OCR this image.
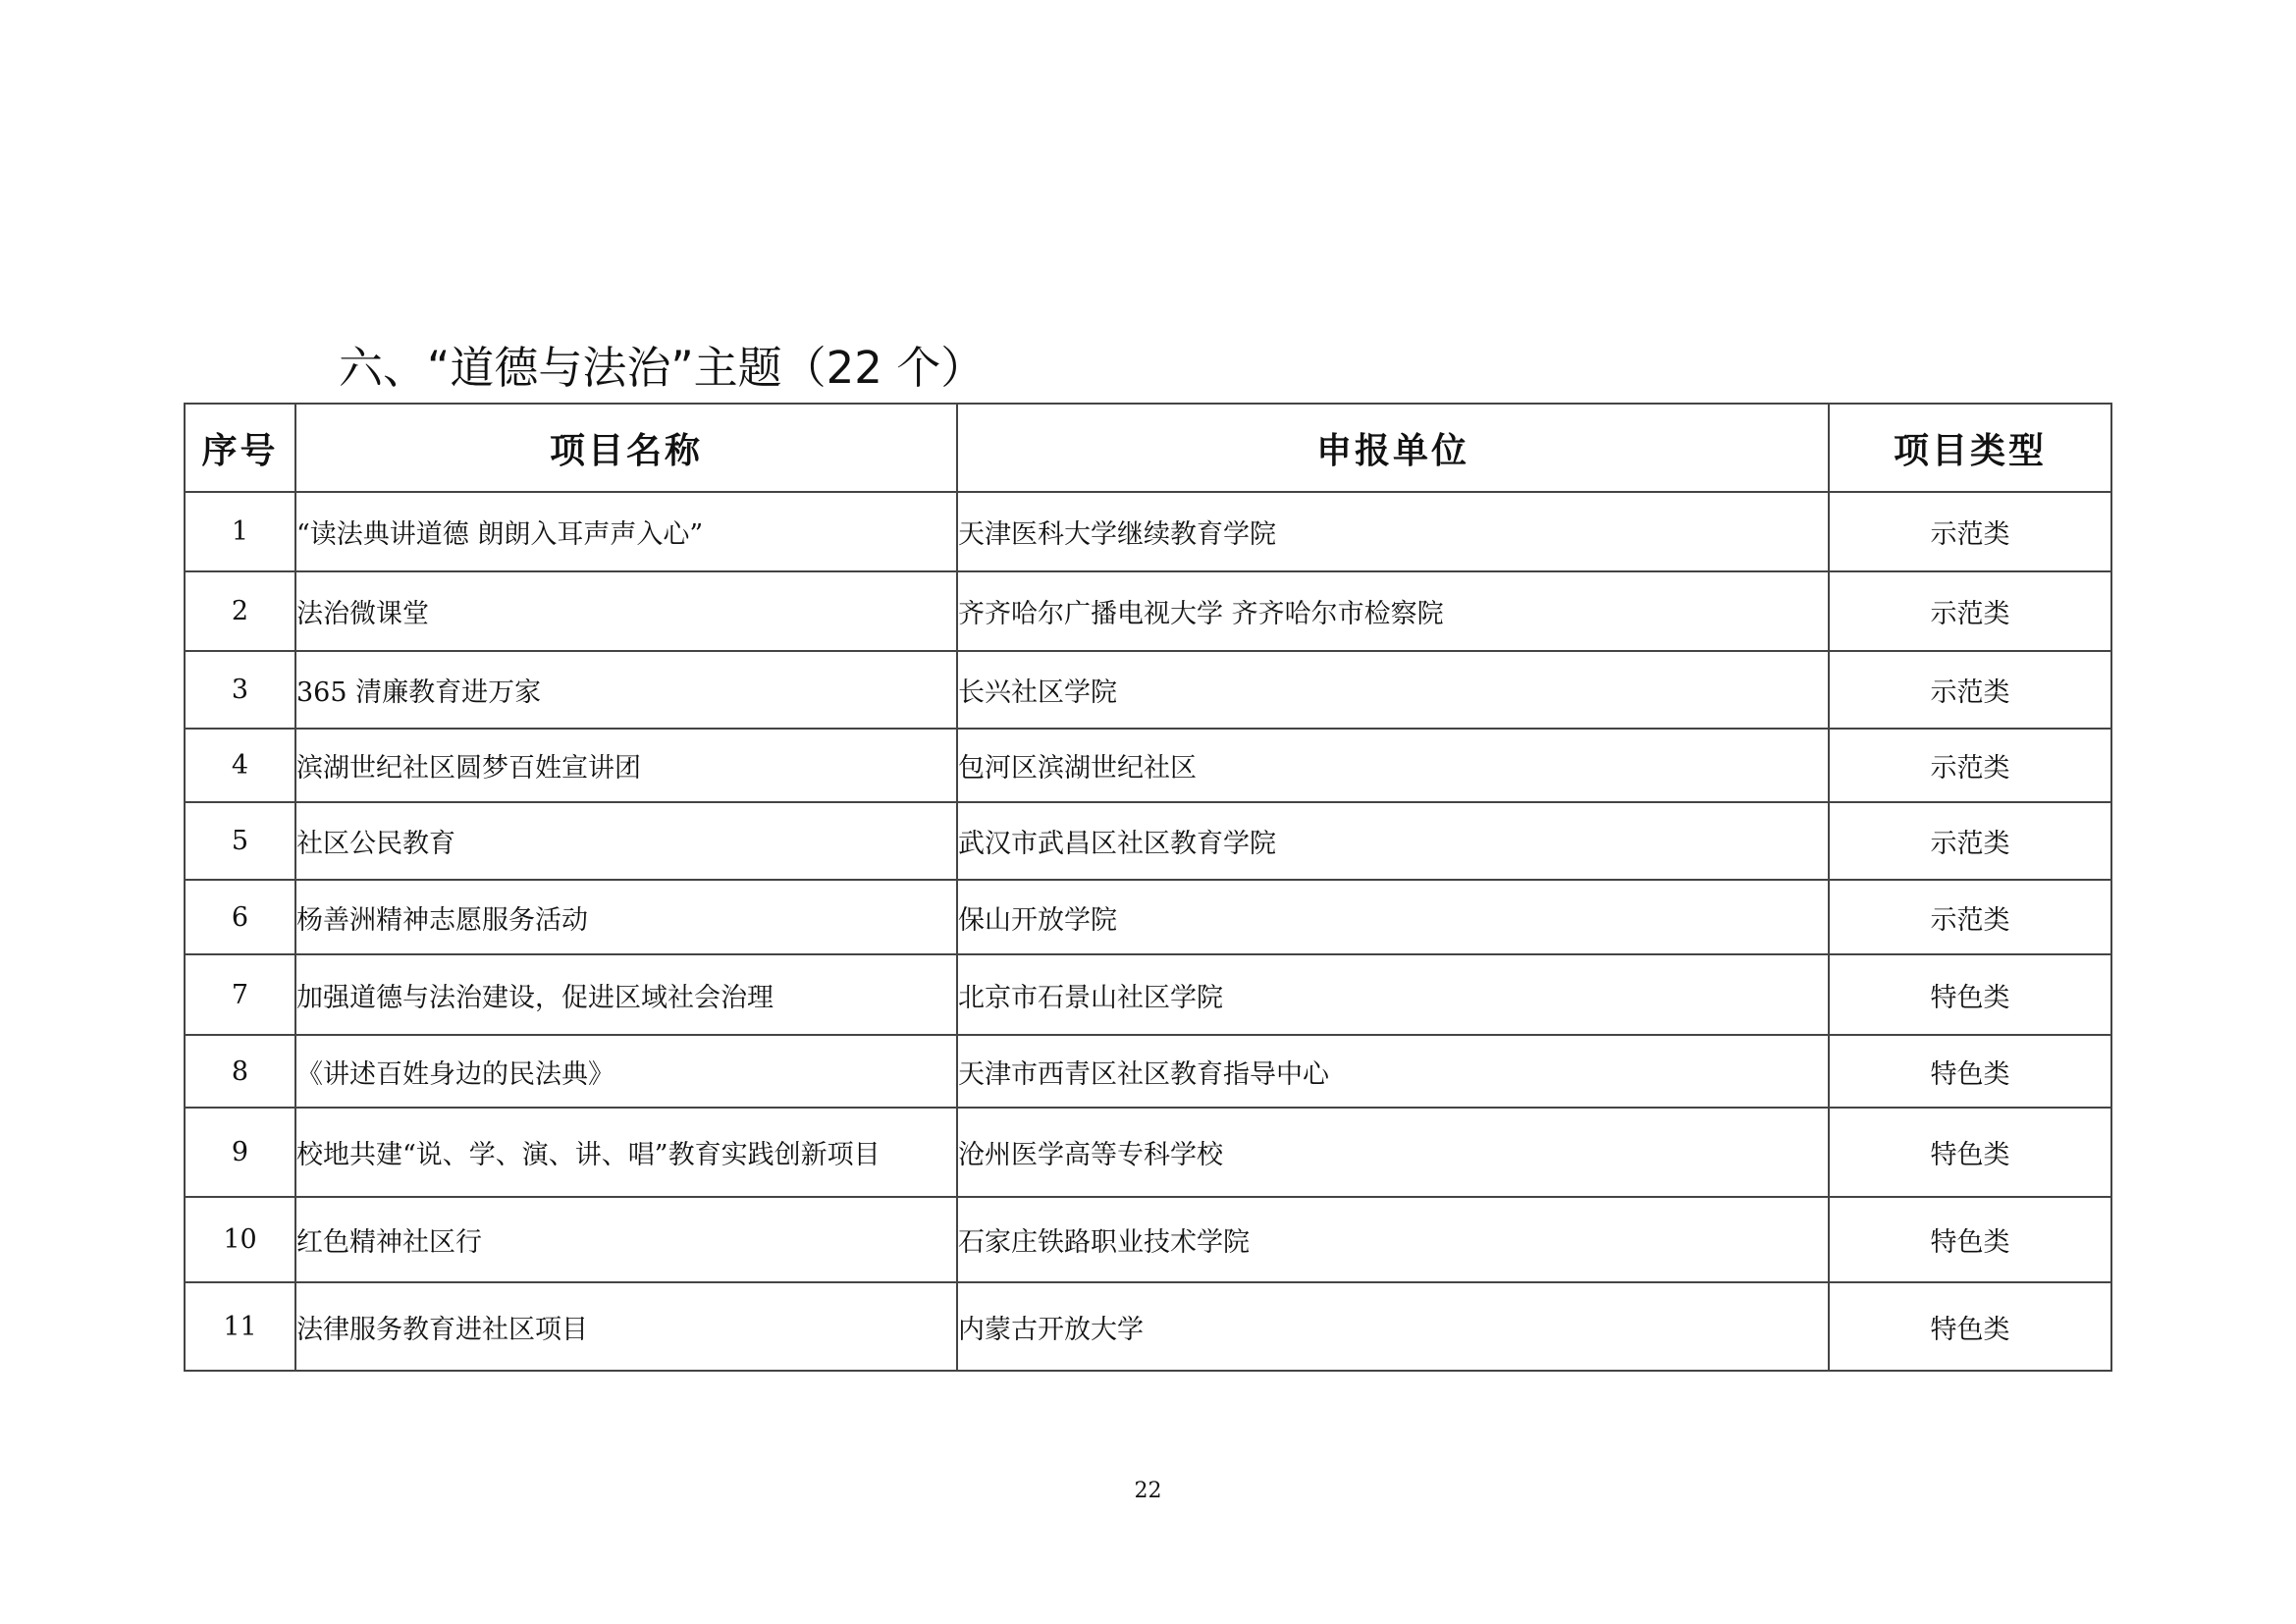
六、“道德与法治”主题（22 个）
序号	项目名称	申报单位	项目类型
1	“读法典讲道德 朗朗入耳声声入心”	天津医科大学继续教育学院	示范类
2	法治微课堂	齐齐哈尔广播电视大学 齐齐哈尔市检察院	示范类
3	365 清廉教育进万家	长兴社区学院	示范类
4	滨湖世纪社区圆梦百姓宣讲团	包河区滨湖世纪社区	示范类
5	社区公民教育	武汉市武昌区社区教育学院	示范类
6	杨善洲精神志愿服务活动	保山开放学院	示范类
7	加强道德与法治建设，促进区域社会治理	北京市石景山社区学院	特色类
8	《讲述百姓身边的民法典》	天津市西青区社区教育指导中心	特色类
9	校地共建“说、学、演、讲、唱”教育实践创新项目	沧州医学高等专科学校	特色类
10	红色精神社区行	石家庄铁路职业技术学院	特色类
11	法律服务教育进社区项目	内蒙古开放大学	特色类
22
